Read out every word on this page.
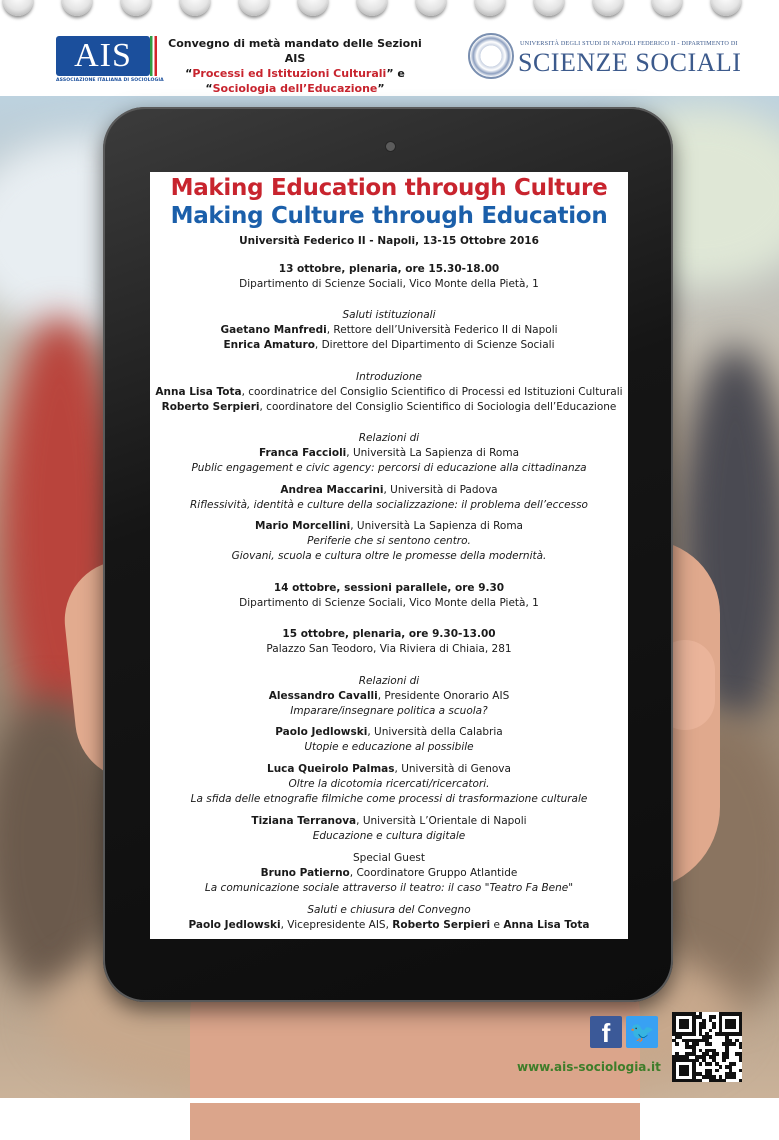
AIS
ASSOCIAZIONE ITALIANA DI SOCIOLOGIA
Convegno di metà mandato delle Sezioni AIS
“Processi ed Istituzioni Culturali” e
“Sociologia dell’Educazione”
UNIVERSITÀ DEGLI STUDI DI NAPOLI FEDERICO II - DIPARTIMENTO DI
SCIENZE SOCIALI
Making Education through Culture
Making Culture through Education
Università Federico II - Napoli, 13-15 Ottobre 2016
13 ottobre, plenaria, ore 15.30-18.00
Dipartimento di Scienze Sociali, Vico Monte della Pietà, 1
Saluti istituzionali
Gaetano Manfredi, Rettore dell’Università Federico II di Napoli
Enrica Amaturo, Direttore del Dipartimento di Scienze Sociali
Introduzione
Anna Lisa Tota, coordinatrice del Consiglio Scientifico di Processi ed Istituzioni Culturali
Roberto Serpieri, coordinatore del Consiglio Scientifico di Sociologia dell’Educazione
Relazioni di
Franca Faccioli, Università La Sapienza di Roma
Public engagement e civic agency: percorsi di educazione alla cittadinanza
Andrea Maccarini, Università di Padova
Riflessività, identità e culture della socializzazione: il problema dell’eccesso
Mario Morcellini, Università La Sapienza di Roma
Periferie che si sentono centro.
Giovani, scuola e cultura oltre le promesse della modernità.
14 ottobre, sessioni parallele, ore 9.30
Dipartimento di Scienze Sociali, Vico Monte della Pietà, 1
15 ottobre, plenaria, ore 9.30-13.00
Palazzo San Teodoro, Via Riviera di Chiaia, 281
Relazioni di
Alessandro Cavalli, Presidente Onorario AIS
Imparare/insegnare politica a scuola?
Paolo Jedlowski, Università della Calabria
Utopie e educazione al possibile
Luca Queirolo Palmas, Università di Genova
Oltre la dicotomia ricercati/ricercatori.
La sfida delle etnografie filmiche come processi di trasformazione culturale
Tiziana Terranova, Università L’Orientale di Napoli
Educazione e cultura digitale
Special Guest
Bruno Patierno, Coordinatore Gruppo Atlantide
La comunicazione sociale attraverso il teatro: il caso "Teatro Fa Bene"
Saluti e chiusura del Convegno
Paolo Jedlowski, Vicepresidente AIS, Roberto Serpieri e Anna Lisa Tota
f 🐦
www.ais-sociologia.it
